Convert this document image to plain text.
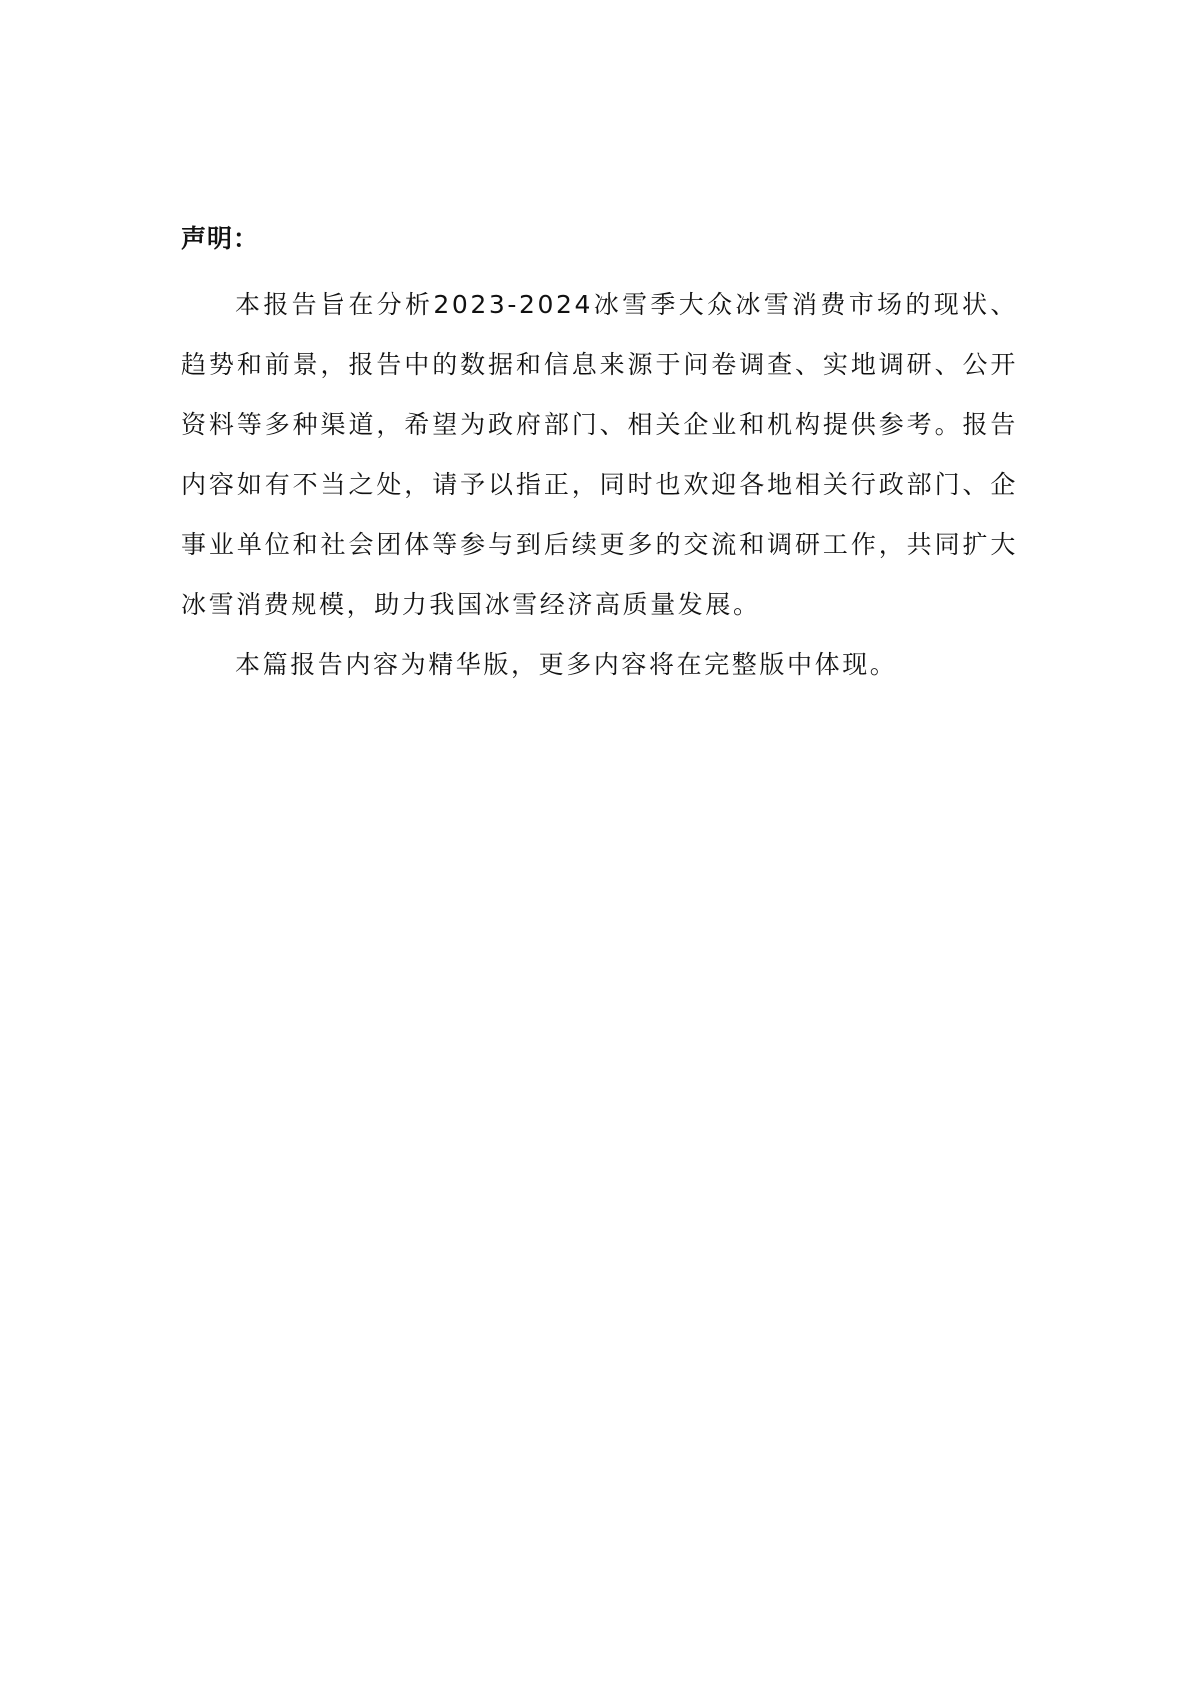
声明：

本报告旨在分析2023-2024冰雪季大众冰雪消费市场的现状、趋势和前景，报告中的数据和信息来源于问卷调查、实地调研、公开资料等多种渠道，希望为政府部门、相关企业和机构提供参考。报告内容如有不当之处，请予以指正，同时也欢迎各地相关行政部门、企事业单位和社会团体等参与到后续更多的交流和调研工作，共同扩大冰雪消费规模，助力我国冰雪经济高质量发展。

本篇报告内容为精华版，更多内容将在完整版中体现。
